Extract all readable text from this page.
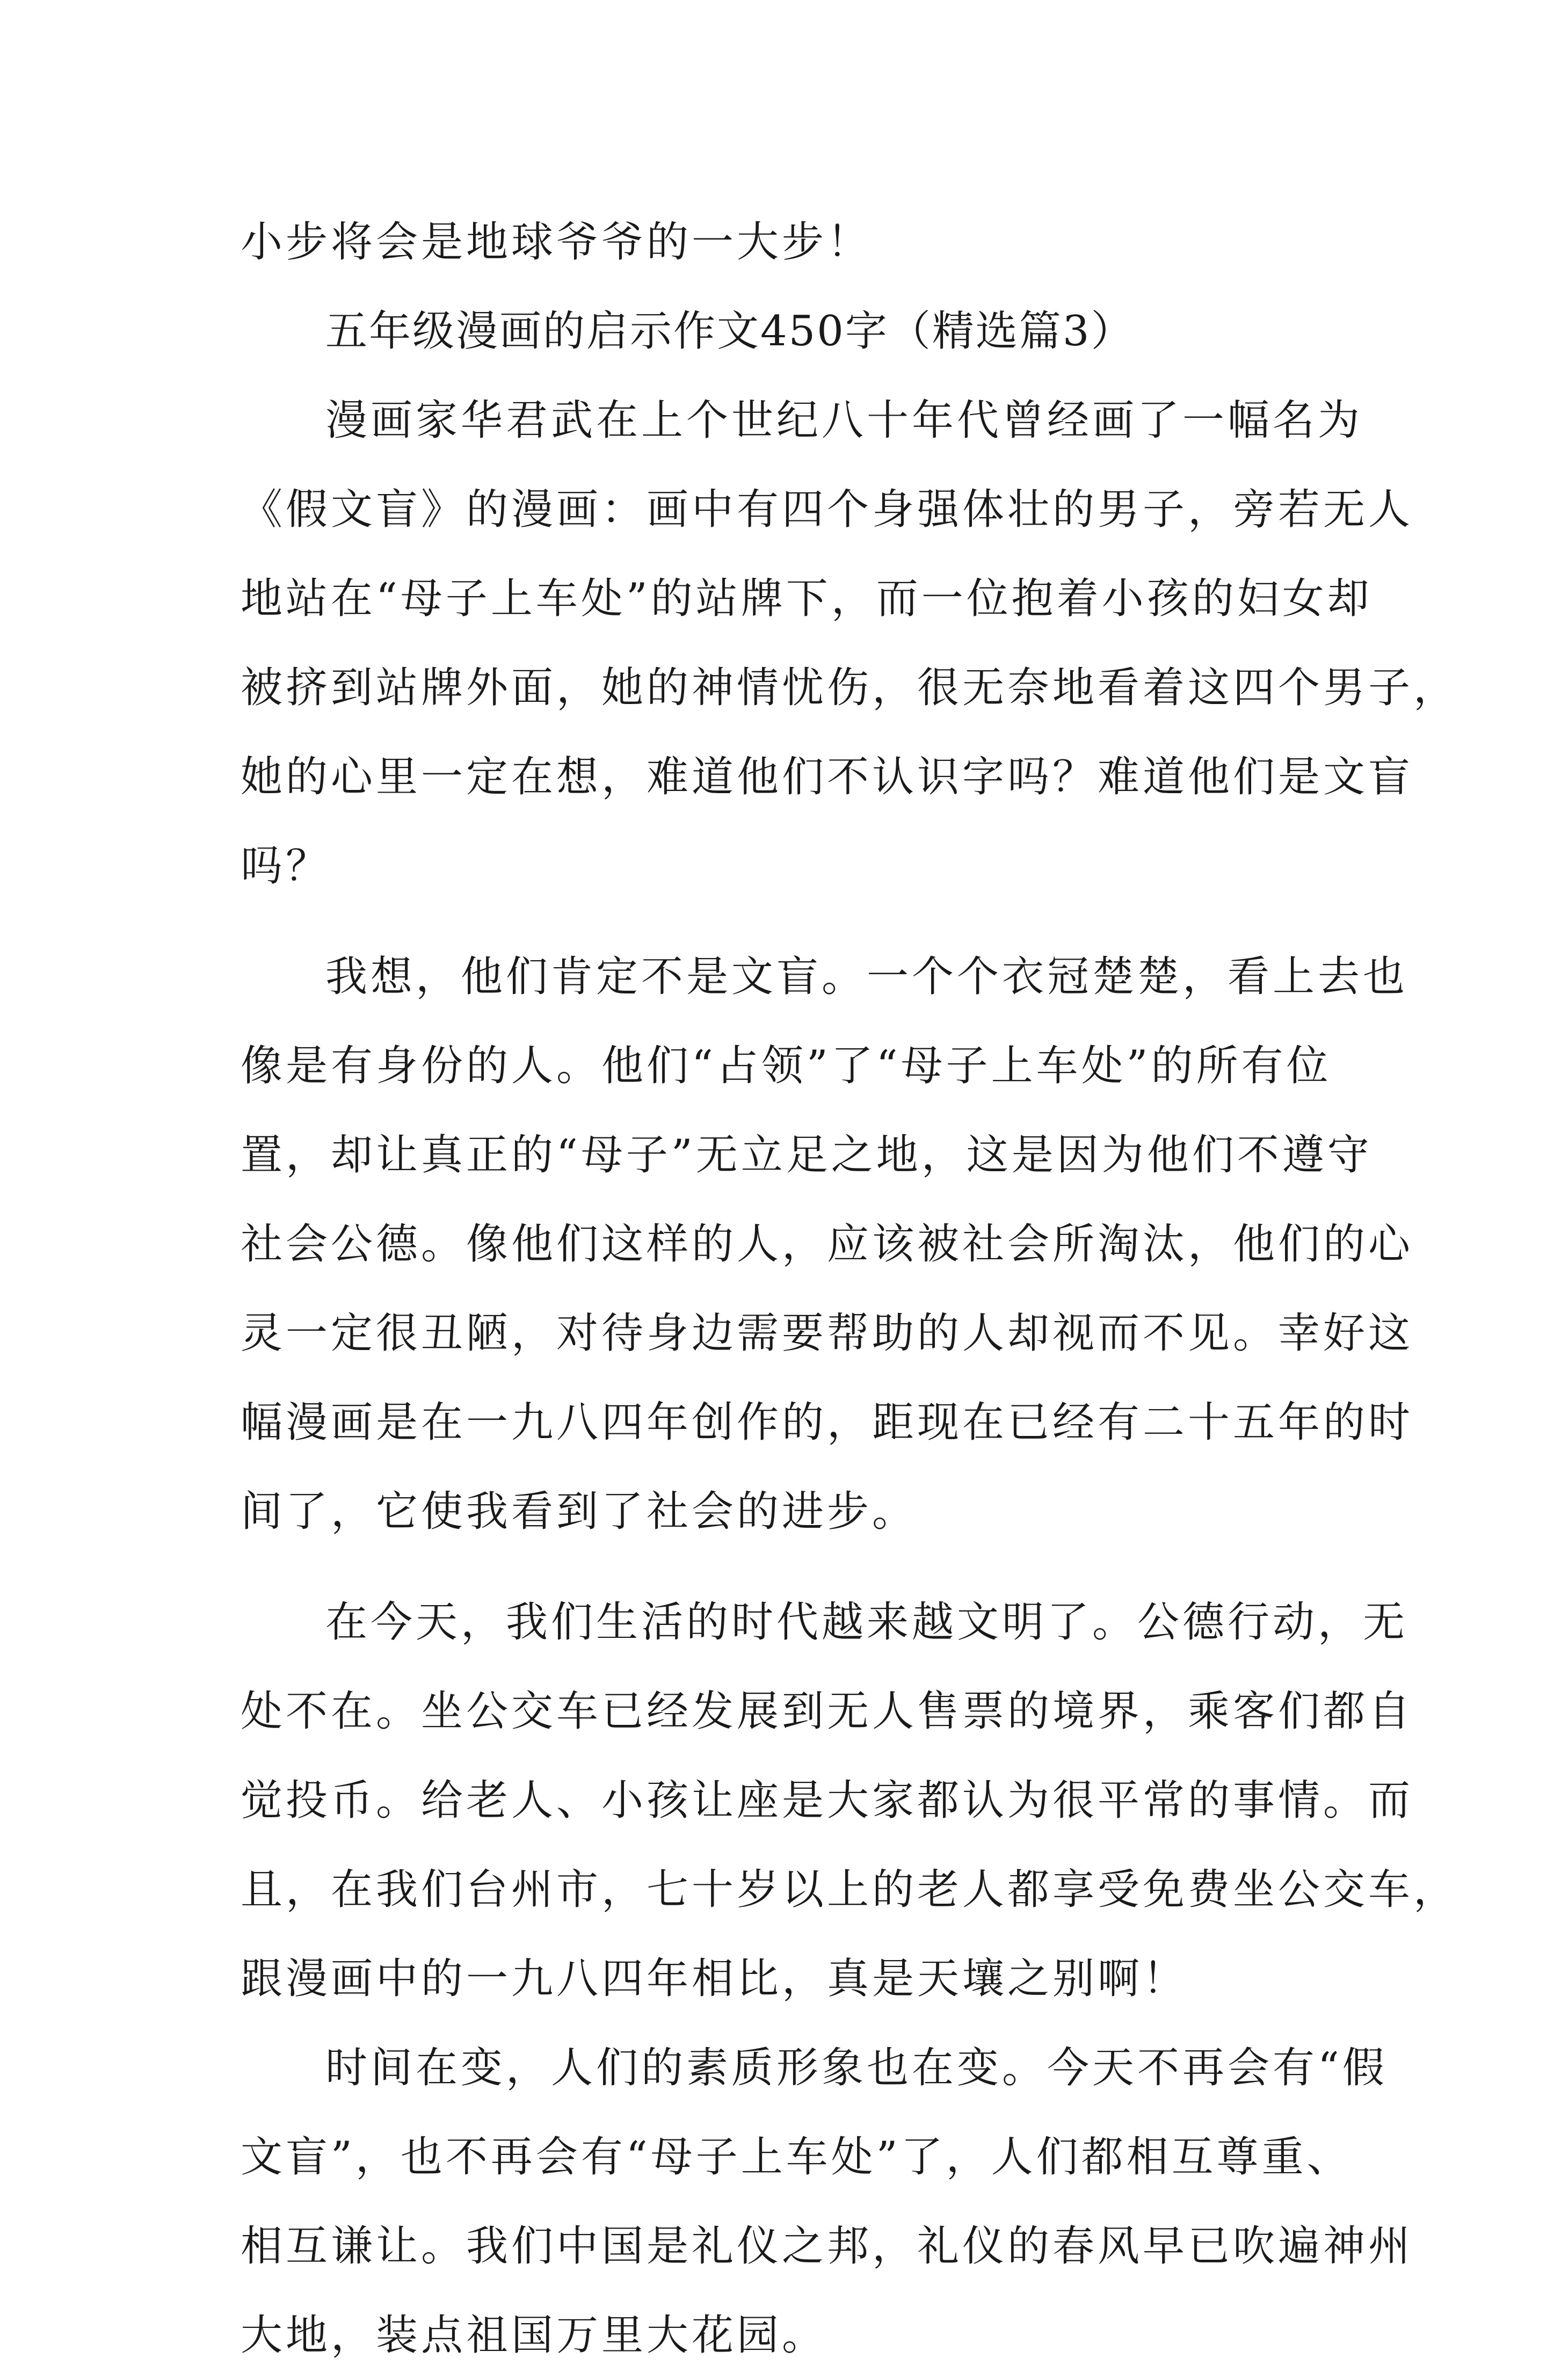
小步将会是地球爷爷的一大步！
五年级漫画的启示作文450字（精选篇3）
漫画家华君武在上个世纪八十年代曾经画了一幅名为
《假文盲》的漫画：画中有四个身强体壮的男子，旁若无人
地站在“母子上车处”的站牌下，而一位抱着小孩的妇女却
被挤到站牌外面，她的神情忧伤，很无奈地看着这四个男子，
她的心里一定在想，难道他们不认识字吗？难道他们是文盲
吗？
我想，他们肯定不是文盲。一个个衣冠楚楚，看上去也
像是有身份的人。他们“占领”了“母子上车处”的所有位
置，却让真正的“母子”无立足之地，这是因为他们不遵守
社会公德。像他们这样的人，应该被社会所淘汰，他们的心
灵一定很丑陋，对待身边需要帮助的人却视而不见。幸好这
幅漫画是在一九八四年创作的，距现在已经有二十五年的时
间了，它使我看到了社会的进步。
在今天，我们生活的时代越来越文明了。公德行动，无
处不在。坐公交车已经发展到无人售票的境界，乘客们都自
觉投币。给老人、小孩让座是大家都认为很平常的事情。而
且，在我们台州市，七十岁以上的老人都享受免费坐公交车，
跟漫画中的一九八四年相比，真是天壤之别啊！
时间在变，人们的素质形象也在变。今天不再会有“假
文盲”，也不再会有“母子上车处”了，人们都相互尊重、
相互谦让。我们中国是礼仪之邦，礼仪的春风早已吹遍神州
大地，装点祖国万里大花园。
